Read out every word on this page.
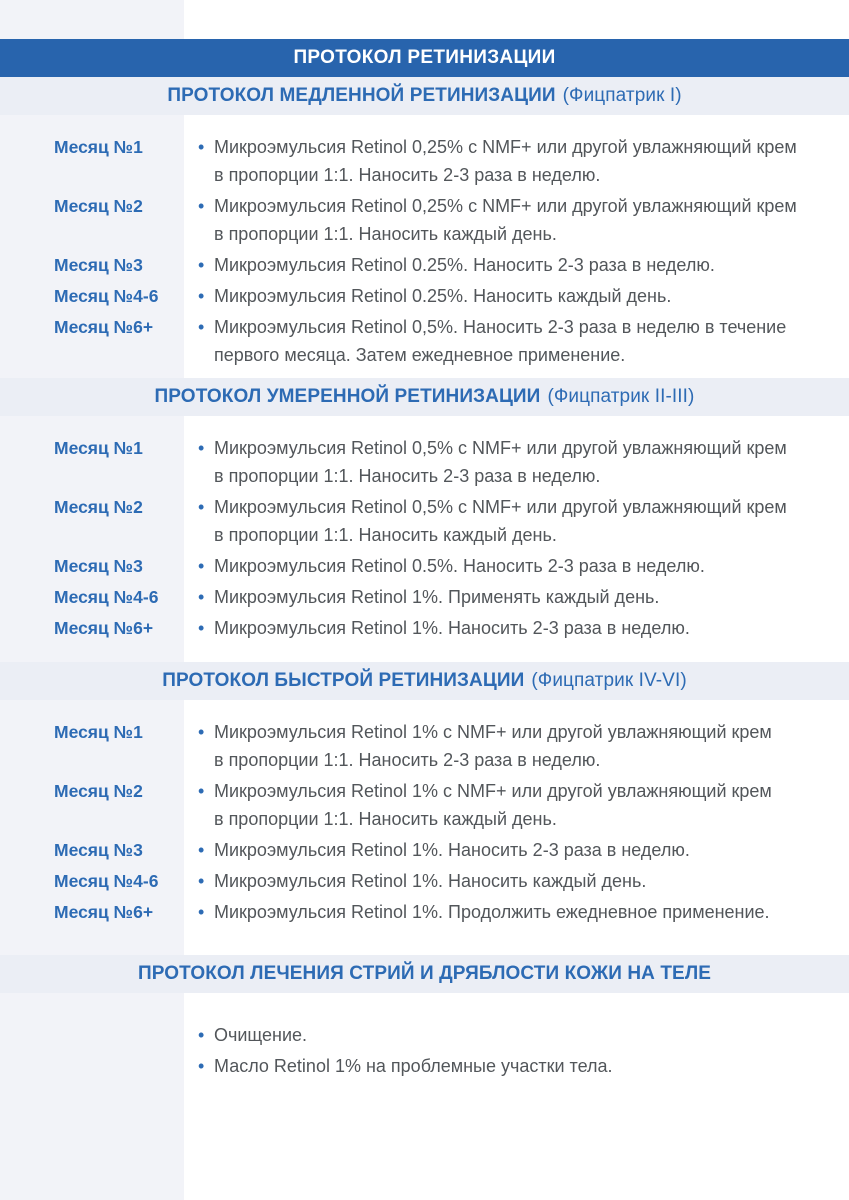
ПРОТОКОЛ РЕТИНИЗАЦИИ
ПРОТОКОЛ МЕДЛЕННОЙ РЕТИНИЗАЦИИ (Фицпатрик I)
Месяц №1	• Микроэмульсия Retinol 0,25% с NMF+ или другой увлажняющий крем
в пропорции 1:1. Наносить 2-3 раза в неделю.
Месяц №2	• Микроэмульсия Retinol 0,25% с NMF+ или другой увлажняющий крем
в пропорции 1:1. Наносить каждый день.
Месяц №3	• Микроэмульсия Retinol 0.25%. Наносить 2-3 раза в неделю.
Месяц №4-6	• Микроэмульсия Retinol 0.25%. Наносить каждый день.
Месяц №6+	• Микроэмульсия Retinol 0,5%. Наносить 2-3 раза в неделю в течение
первого месяца. Затем ежедневное применение.
ПРОТОКОЛ УМЕРЕННОЙ РЕТИНИЗАЦИИ (Фицпатрик II-III)
Месяц №1	• Микроэмульсия Retinol 0,5% с NMF+ или другой увлажняющий крем
в пропорции 1:1. Наносить 2-3 раза в неделю.
Месяц №2	• Микроэмульсия Retinol 0,5% с NMF+ или другой увлажняющий крем
в пропорции 1:1. Наносить каждый день.
Месяц №3	• Микроэмульсия Retinol 0.5%. Наносить 2-3 раза в неделю.
Месяц №4-6	• Микроэмульсия Retinol 1%. Применять каждый день.
Месяц №6+	• Микроэмульсия Retinol 1%. Наносить 2-3 раза в неделю.
ПРОТОКОЛ БЫСТРОЙ РЕТИНИЗАЦИИ (Фицпатрик IV-VI)
Месяц №1	• Микроэмульсия Retinol 1% с NMF+ или другой увлажняющий крем
в пропорции 1:1. Наносить 2-3 раза в неделю.
Месяц №2	• Микроэмульсия Retinol 1% с NMF+ или другой увлажняющий крем
в пропорции 1:1. Наносить каждый день.
Месяц №3	• Микроэмульсия Retinol 1%. Наносить 2-3 раза в неделю.
Месяц №4-6	• Микроэмульсия Retinol 1%. Наносить каждый день.
Месяц №6+	• Микроэмульсия Retinol 1%. Продолжить ежедневное применение.
ПРОТОКОЛ ЛЕЧЕНИЯ СТРИЙ И ДРЯБЛОСТИ КОЖИ НА ТЕЛЕ
• Очищение.
• Масло Retinol 1% на проблемные участки тела.
